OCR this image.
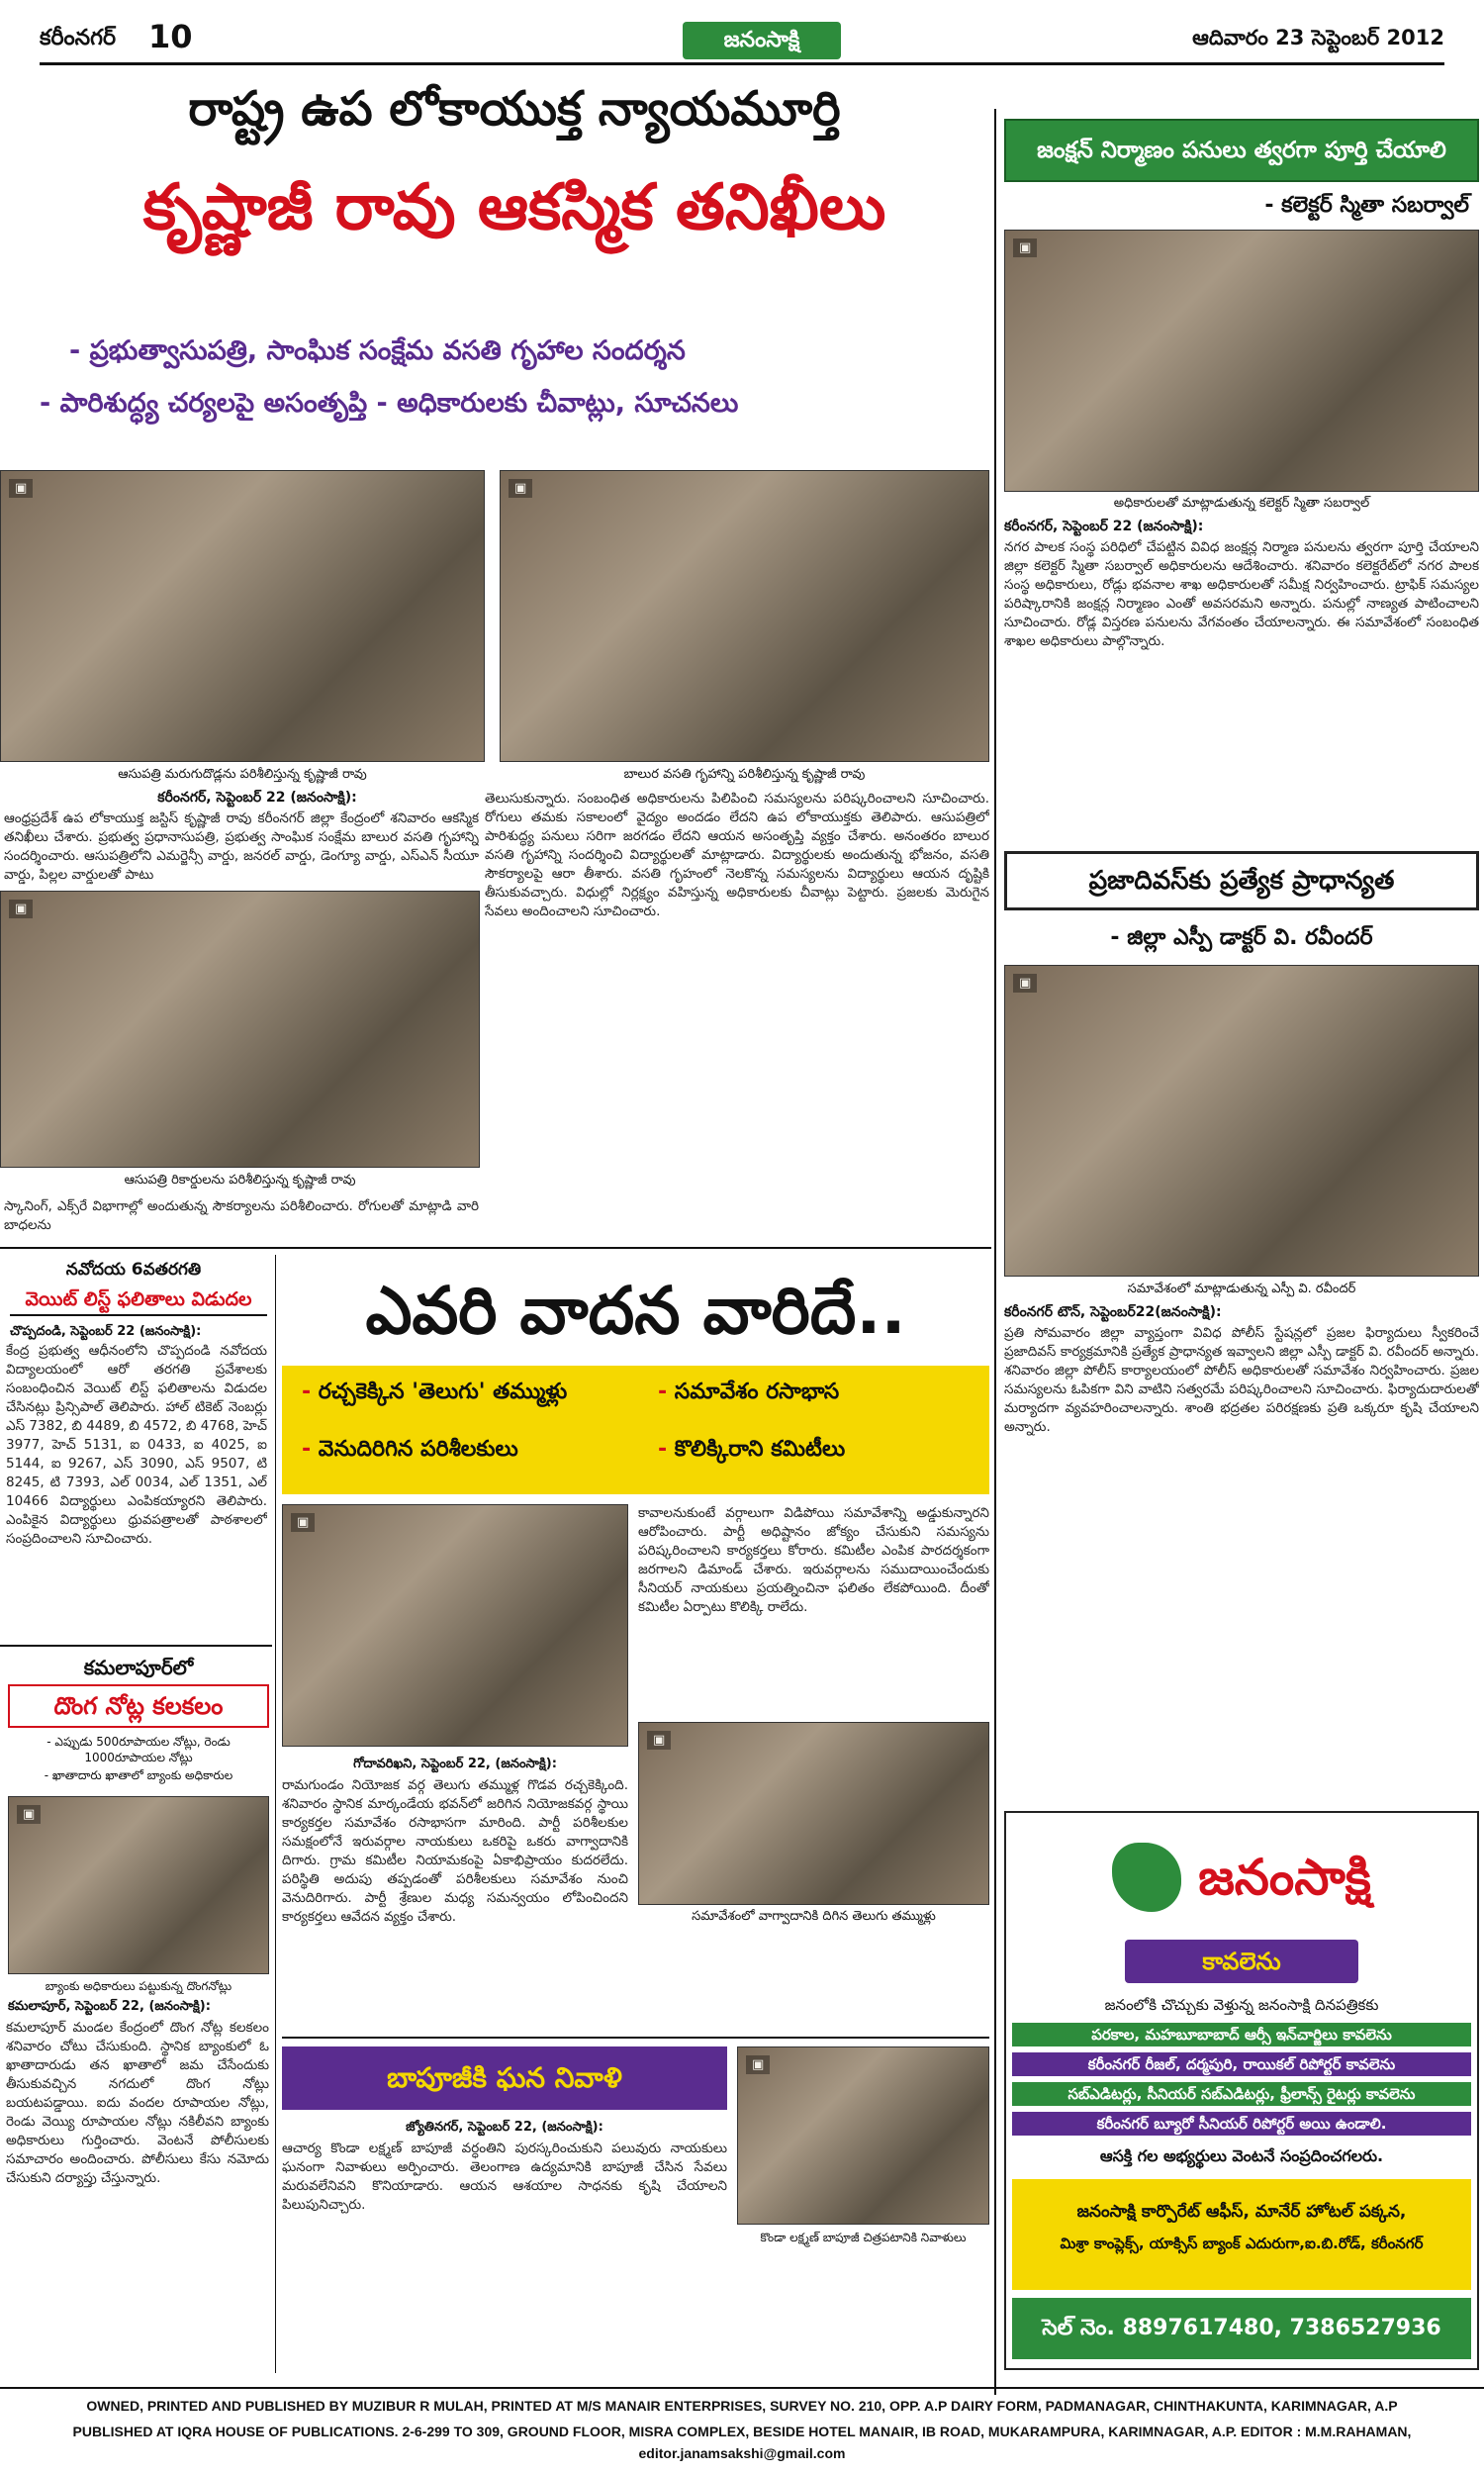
కరీంనగర్ 10	జనంసాక్షి	ఆదివారం 23 సెప్టెంబర్ 2012
రాష్ట్ర ఉప లోకాయుక్త న్యాయమూర్తి
కృష్ణాజీ రావు ఆకస్మిక తనిఖీలు
- ప్రభుత్వాసుపత్రి, సాంఘిక సంక్షేమ వసతి గృహాల సందర్శన
- పారిశుద్ధ్య చర్యలపై అసంతృప్తి - అధికారులకు చీవాట్లు, సూచనలు
▣
ఆసుపత్రి మరుగుదొడ్లను పరిశీలిస్తున్న కృష్ణాజీ రావు
▣
బాలుర వసతి గృహాన్ని పరిశీలిస్తున్న కృష్ణాజీ రావు
కరీంనగర్, సెప్టెంబర్ 22 (జనంసాక్షి):
ఆంధ్రప్రదేశ్ ఉప లోకాయుక్త జస్టిస్ కృష్ణాజీ రావు కరీంనగర్ జిల్లా కేంద్రంలో శనివారం ఆకస్మిక తనిఖీలు చేశారు. ప్రభుత్వ ప్రధానాసుపత్రి, ప్రభుత్వ సాంఘిక సంక్షేమ బాలుర వసతి గృహాన్ని సందర్శించారు. ఆసుపత్రిలోని ఎమర్జెన్సీ వార్డు, జనరల్ వార్డు, డెంగ్యూ వార్డు, ఎస్ఎన్ సీయూ వార్డు, పిల్లల వార్డులతో పాటు
తెలుసుకున్నారు. సంబంధిత అధికారులను పిలిపించి సమస్యలను పరిష్కరించాలని సూచించారు. రోగులు తమకు సకాలంలో వైద్యం అందడం లేదని ఉప లోకాయుక్తకు తెలిపారు. ఆసుపత్రిలో పారిశుద్ధ్య పనులు సరిగా జరగడం లేదని ఆయన అసంతృప్తి వ్యక్తం చేశారు. అనంతరం బాలుర వసతి గృహాన్ని సందర్శించి విద్యార్థులతో మాట్లాడారు. విద్యార్థులకు అందుతున్న భోజనం, వసతి సౌకర్యాలపై ఆరా తీశారు. వసతి గృహంలో నెలకొన్న సమస్యలను విద్యార్థులు ఆయన దృష్టికి తీసుకువచ్చారు. విధుల్లో నిర్లక్ష్యం వహిస్తున్న అధికారులకు చీవాట్లు పెట్టారు. ప్రజలకు మెరుగైన సేవలు అందించాలని సూచించారు.
▣
ఆసుపత్రి రికార్డులను పరిశీలిస్తున్న కృష్ణాజీ రావు
స్కానింగ్, ఎక్స్‌రే విభాగాల్లో అందుతున్న సౌకర్యాలను పరిశీలించారు. రోగులతో మాట్లాడి వారి బాధలను
జంక్షన్ నిర్మాణం పనులు త్వరగా పూర్తి చేయాలి
- కలెక్టర్ స్మితా సబర్వాల్
▣
అధికారులతో మాట్లాడుతున్న కలెక్టర్ స్మితా సబర్వాల్
కరీంనగర్, సెప్టెంబర్ 22 (జనంసాక్షి):
నగర పాలక సంస్థ పరిధిలో చేపట్టిన వివిధ జంక్షన్ల నిర్మాణ పనులను త్వరగా పూర్తి చేయాలని జిల్లా కలెక్టర్ స్మితా సబర్వాల్ అధికారులను ఆదేశించారు. శనివారం కలెక్టరేట్‌లో నగర పాలక సంస్థ అధికారులు, రోడ్లు భవనాల శాఖ అధికారులతో సమీక్ష నిర్వహించారు. ట్రాఫిక్ సమస్యల పరిష్కారానికి జంక్షన్ల నిర్మాణం ఎంతో అవసరమని అన్నారు. పనుల్లో నాణ్యత పాటించాలని సూచించారు. రోడ్ల విస్తరణ పనులను వేగవంతం చేయాలన్నారు. ఈ సమావేశంలో సంబంధిత శాఖల అధికారులు పాల్గొన్నారు.
ప్రజాదివస్‌కు ప్రత్యేక ప్రాధాన్యత
- జిల్లా ఎస్పీ డాక్టర్ వి. రవీందర్
▣
సమావేశంలో మాట్లాడుతున్న ఎస్పీ వి. రవీందర్
కరీంనగర్ టౌన్, సెప్టెంబర్22(జనంసాక్షి):
ప్రతి సోమవారం జిల్లా వ్యాప్తంగా వివిధ పోలీస్ స్టేషన్లలో ప్రజల ఫిర్యాదులు స్వీకరించే ప్రజాదివస్ కార్యక్రమానికి ప్రత్యేక ప్రాధాన్యత ఇవ్వాలని జిల్లా ఎస్పీ డాక్టర్ వి. రవీందర్ అన్నారు. శనివారం జిల్లా పోలీస్ కార్యాలయంలో పోలీస్ అధికారులతో సమావేశం నిర్వహించారు. ప్రజల సమస్యలను ఓపికగా విని వాటిని సత్వరమే పరిష్కరించాలని సూచించారు. ఫిర్యాదుదారులతో మర్యాదగా వ్యవహరించాలన్నారు. శాంతి భద్రతల పరిరక్షణకు ప్రతి ఒక్కరూ కృషి చేయాలని అన్నారు.
నవోదయ 6వతరగతి
వెయిట్ లిస్ట్ ఫలితాలు విడుదల
చొప్పదండి, సెప్టెంబర్ 22 (జనంసాక్షి):
కేంద్ర ప్రభుత్వ ఆధీనంలోని చొప్పదండి నవోదయ విద్యాలయంలో ఆరో తరగతి ప్రవేశాలకు సంబంధించిన వెయిట్ లిస్ట్ ఫలితాలను విడుదల చేసినట్లు ప్రిన్సిపాల్ తెలిపారు. హాల్ టికెట్ నెంబర్లు ఎస్ 7382, బి 4489, బి 4572, బి 4768, హెచ్ 3977, హెచ్ 5131, ఐ 0433, ఐ 4025, ఐ 5144, ఐ 9267, ఎస్ 3090, ఎస్ 9507, టి 8245, టి 7393, ఎల్ 0034, ఎల్ 1351, ఎల్ 10466 విద్యార్థులు ఎంపికయ్యారని తెలిపారు. ఎంపికైన విద్యార్థులు ధ్రువపత్రాలతో పాఠశాలలో సంప్రదించాలని సూచించారు.
కమలాపూర్‌లో
దొంగ నోట్ల కలకలం
- ఎప్పుడు 500రూపాయల నోట్లు, రెండు 1000రూపాయల నోట్లు
- ఖాతాదారు ఖాతాలో బ్యాంకు అధికారుల
▣
బ్యాంకు అధికారులు పట్టుకున్న దొంగనోట్లు
కమలాపూర్, సెప్టెంబర్ 22, (జనంసాక్షి):
కమలాపూర్ మండల కేంద్రంలో దొంగ నోట్ల కలకలం శనివారం చోటు చేసుకుంది. స్థానిక బ్యాంకులో ఓ ఖాతాదారుడు తన ఖాతాలో జమ చేసేందుకు తీసుకువచ్చిన నగదులో దొంగ నోట్లు బయటపడ్డాయి. ఐదు వందల రూపాయల నోట్లు, రెండు వెయ్యి రూపాయల నోట్లు నకిలీవని బ్యాంకు అధికారులు గుర్తించారు. వెంటనే పోలీసులకు సమాచారం అందించారు. పోలీసులు కేసు నమోదు చేసుకుని దర్యాప్తు చేస్తున్నారు.
ఎవరి వాదన వారిదే..
- రచ్చకెక్కిన 'తెలుగు' తమ్ముళ్లు	- సమావేశం రసాభాస
- వెనుదిరిగిన పరిశీలకులు	- కొలిక్కిరాని కమిటీలు
▣
గోదావరిఖని, సెప్టెంబర్ 22, (జనంసాక్షి):
రామగుండం నియోజక వర్గ తెలుగు తమ్ముళ్ల గొడవ రచ్చకెక్కింది. శనివారం స్థానిక మార్కండేయ భవన్‌లో జరిగిన నియోజకవర్గ స్థాయి కార్యకర్తల సమావేశం రసాభాసగా మారింది. పార్టీ పరిశీలకుల సమక్షంలోనే ఇరువర్గాల నాయకులు ఒకరిపై ఒకరు వాగ్వాదానికి దిగారు. గ్రామ కమిటీల నియామకంపై ఏకాభిప్రాయం కుదరలేదు. పరిస్థితి అదుపు తప్పడంతో పరిశీలకులు సమావేశం నుంచి వెనుదిరిగారు. పార్టీ శ్రేణుల మధ్య సమన్వయం లోపించిందని కార్యకర్తలు ఆవేదన వ్యక్తం చేశారు.
కావాలనుకుంటే వర్గాలుగా విడిపోయి సమావేశాన్ని అడ్డుకున్నారని ఆరోపించారు. పార్టీ అధిష్టానం జోక్యం చేసుకుని సమస్యను పరిష్కరించాలని కార్యకర్తలు కోరారు. కమిటీల ఎంపిక పారదర్శకంగా జరగాలని డిమాండ్ చేశారు. ఇరువర్గాలను సముదాయించేందుకు సీనియర్ నాయకులు ప్రయత్నించినా ఫలితం లేకపోయింది. దీంతో కమిటీల ఏర్పాటు కొలిక్కి రాలేదు.
▣
సమావేశంలో వాగ్వాదానికి దిగిన తెలుగు తమ్ముళ్లు
బాపూజీకి ఘన నివాళి
జ్యోతినగర్, సెప్టెంబర్ 22, (జనంసాక్షి):
ఆచార్య కొండా లక్ష్మణ్ బాపూజీ వర్ధంతిని పురస్కరించుకుని పలువురు నాయకులు ఘనంగా నివాళులు అర్పించారు. తెలంగాణ ఉద్యమానికి బాపూజీ చేసిన సేవలు మరువలేనివని కొనియాడారు. ఆయన ఆశయాల సాధనకు కృషి చేయాలని పిలుపునిచ్చారు.
▣
కొండా లక్ష్మణ్ బాపూజీ చిత్రపటానికి నివాళులు
జనంసాక్షి
కావలెను
జనంలోకి చొచ్చుకు వెళ్తున్న జనంసాక్షి దినపత్రికకు
పరకాల, మహబూబాబాద్ ఆర్సీ ఇన్‌చార్జిలు కావలెను
కరీంనగర్ రీజల్, దర్మపురి, రాయికల్ రిపోర్టర్ కావలెను
సబ్‌ఎడిటర్లు, సీనియర్ సబ్‌ఎడిటర్లు, ఫ్రీలాన్స్ రైటర్లు కావలెను
కరీంనగర్ బ్యూరో సీనియర్ రిపోర్టర్ అయి ఉండాలి.
ఆసక్తి గల అభ్యర్థులు వెంటనే సంప్రదించగలరు.
జనంసాక్షి కార్పొరేట్ ఆఫీస్, మానేర్ హోటల్ పక్కన,
మిశ్రా కాంప్లెక్స్, యాక్సిస్ బ్యాంక్ ఎదురుగా,ఐ.బి.రోడ్, కరీంనగర్
సెల్ నెం. 8897617480, 7386527936
OWNED, PRINTED AND PUBLISHED BY MUZIBUR R MULAH, PRINTED AT M/S MANAIR ENTERPRISES, SURVEY NO. 210, OPP. A.P DAIRY FORM, PADMANAGAR, CHINTHAKUNTA, KARIMNAGAR, A.P
PUBLISHED AT IQRA HOUSE OF PUBLICATIONS. 2-6-299 TO 309, GROUND FLOOR, MISRA COMPLEX, BESIDE HOTEL MANAIR, IB ROAD, MUKARAMPURA, KARIMNAGAR, A.P. EDITOR : M.M.RAHAMAN, editor.janamsakshi@gmail.com
